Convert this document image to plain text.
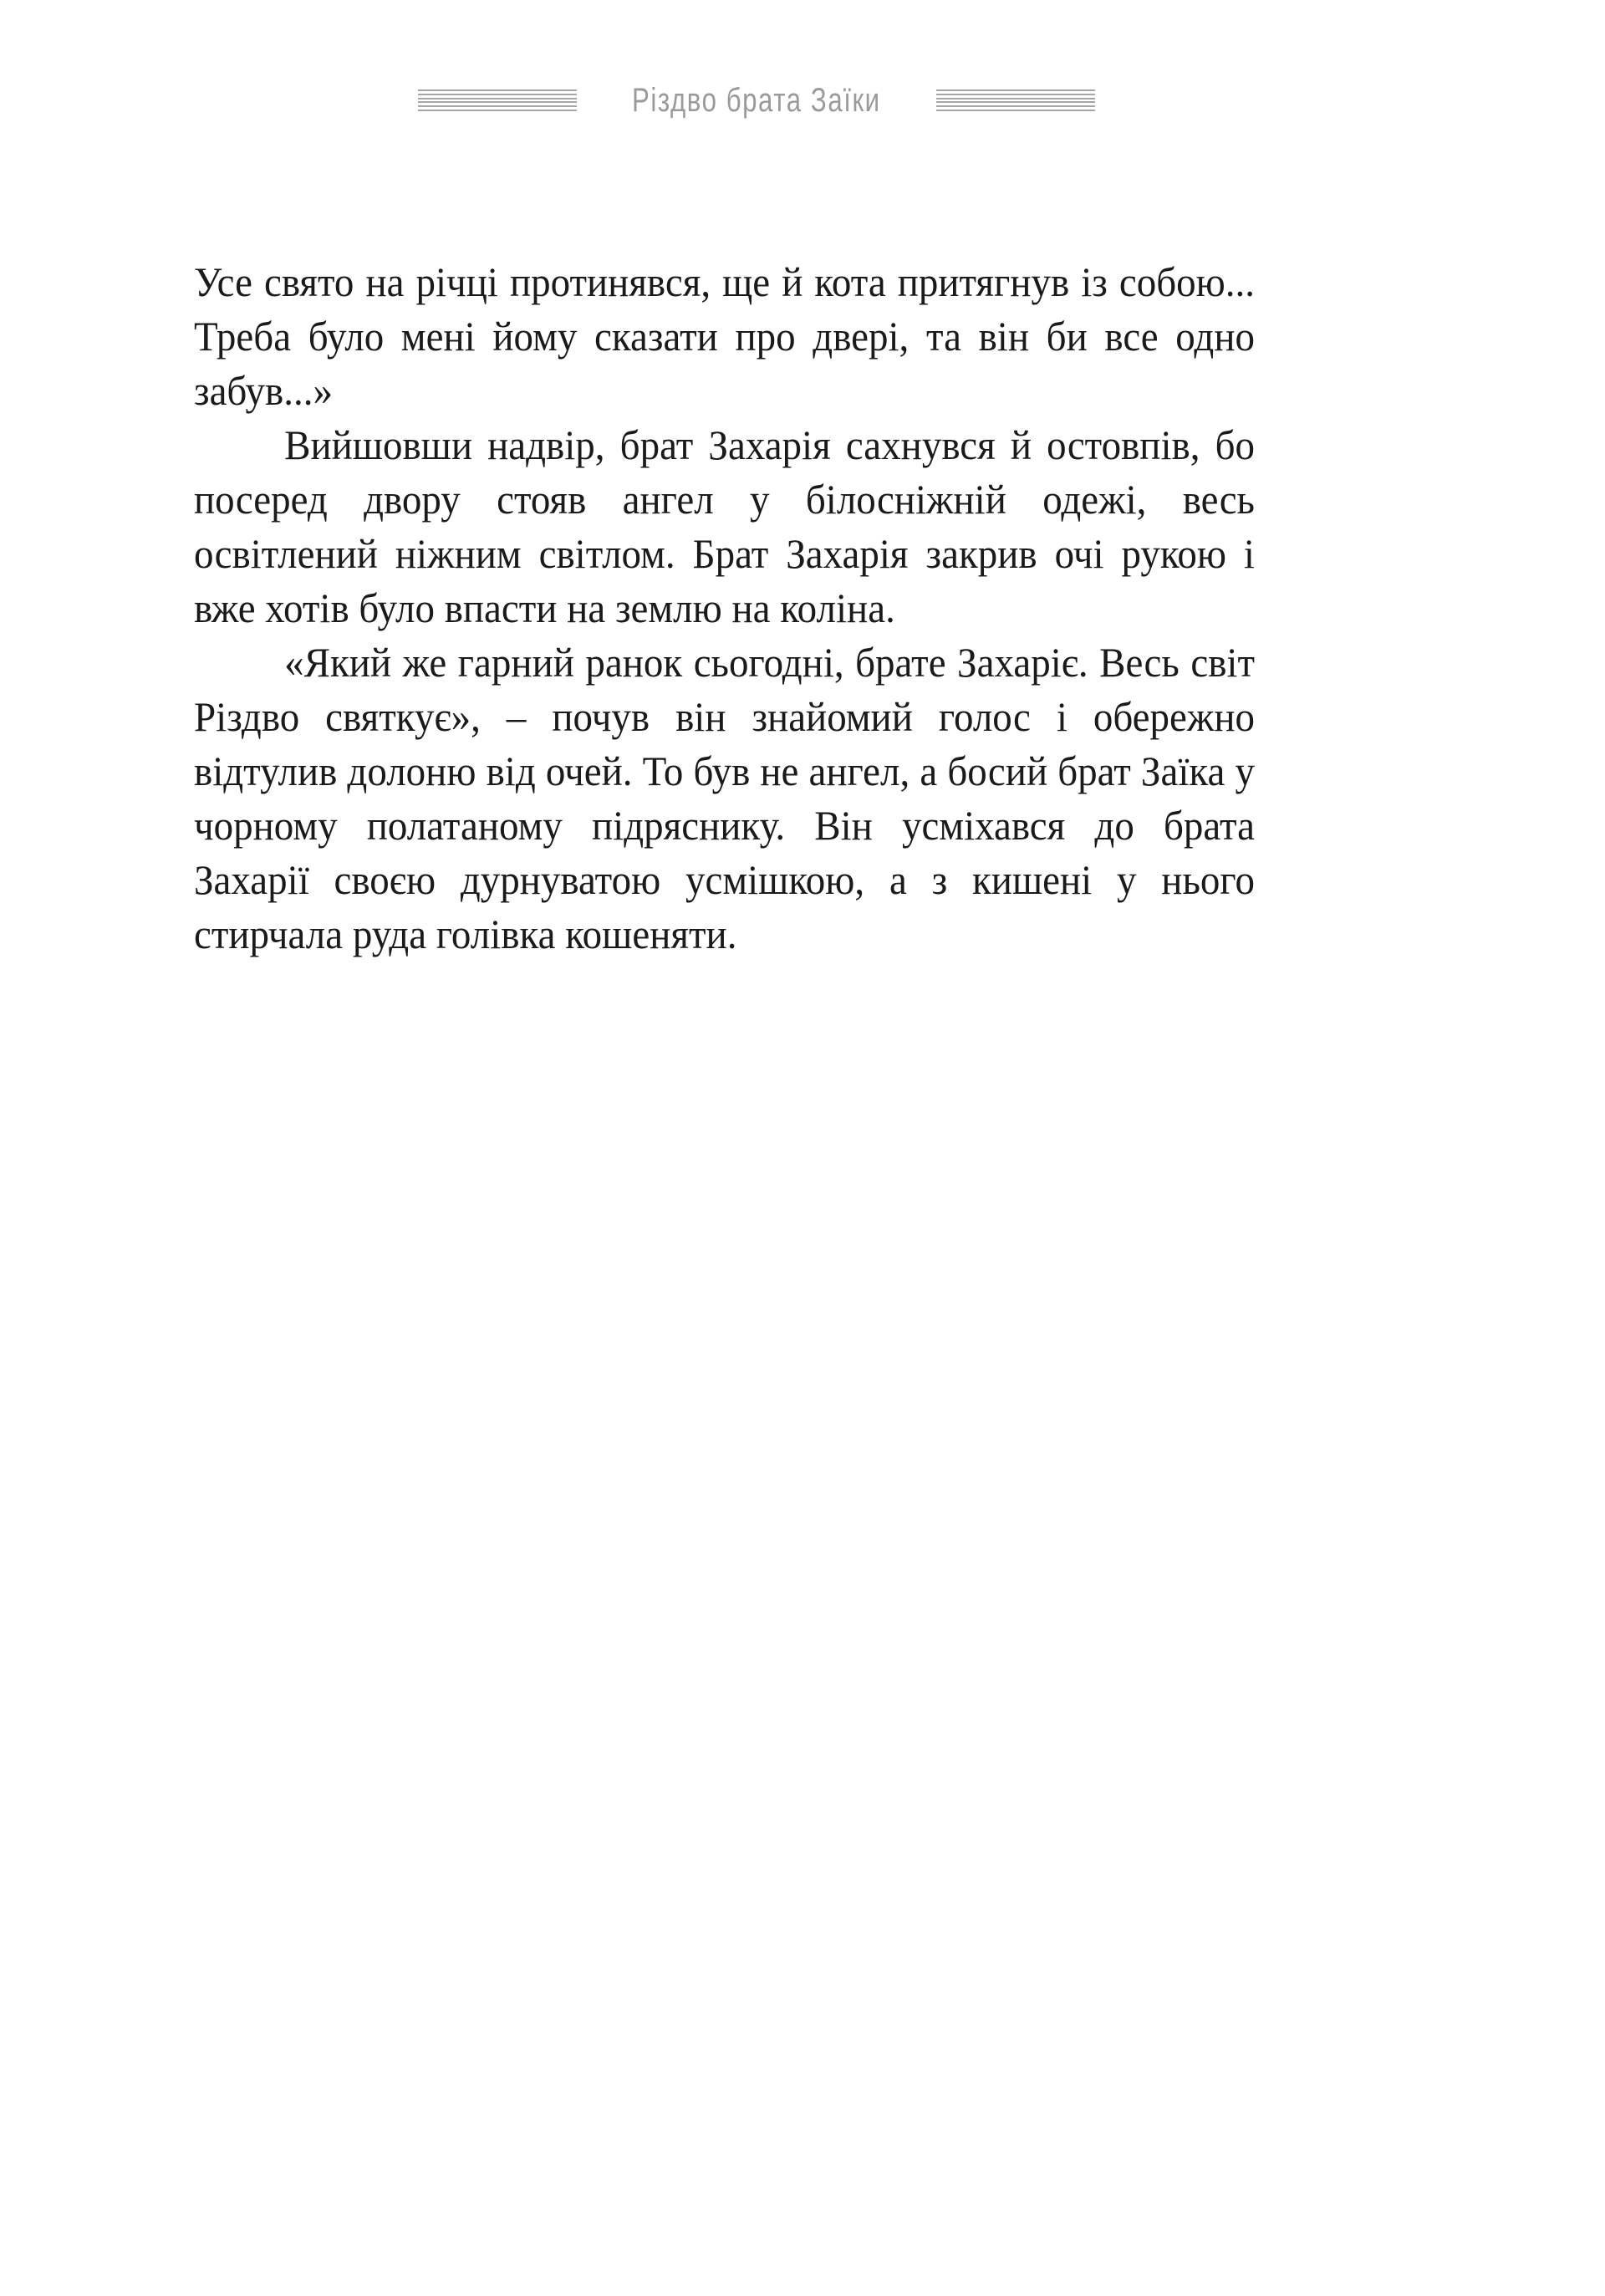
Різдво брата Заїки

Усе свято на річці протинявся, ще й кота притягнув із собою... Треба було мені йому сказати про двері, та він би все одно забув...»

Вийшовши надвір, брат Захарія сахнувся й остовпів, бо посеред двору стояв ангел у білосніжній одежі, весь освітлений ніжним світлом. Брат Захарія закрив очі рукою і вже хотів було впасти на землю на коліна.

«Який же гарний ранок сьогодні, брате Захаріє. Весь світ Різдво святкує», – почув він знайомий голос і обережно відтулив долоню від очей. То був не ангел, а босий брат Заїка у чорному полатаному підряснику. Він усміхався до брата Захарії своєю дурнуватою усмішкою, а з кишені у нього стирчала руда голівка кошеняти.
